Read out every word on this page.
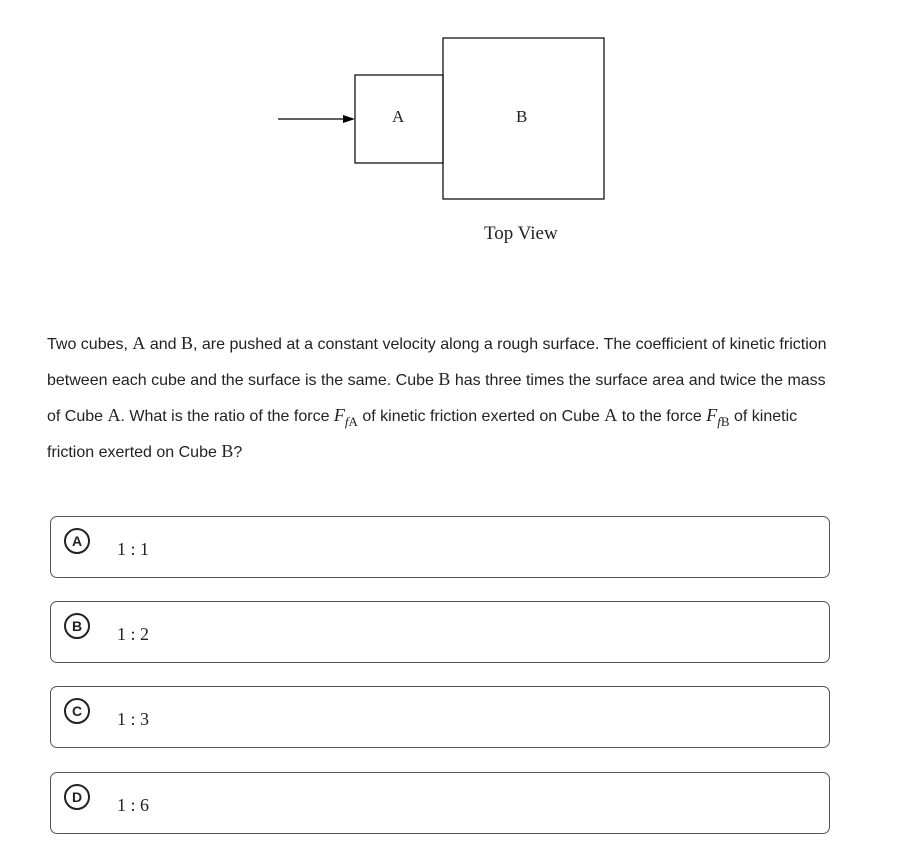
A	B
Top View
Two cubes, A and B, are pushed at a constant velocity along a rough surface. The coefficient of kinetic friction between each cube and the surface is the same. Cube B has three times the surface area and twice the mass of Cube A. What is the ratio of the force $F_{fA}$ of kinetic friction exerted on Cube A to the force $F_{fB}$ of kinetic friction exerted on Cube B?
A	1 : 1
B	1 : 2
C	1 : 3
D	1 : 6
